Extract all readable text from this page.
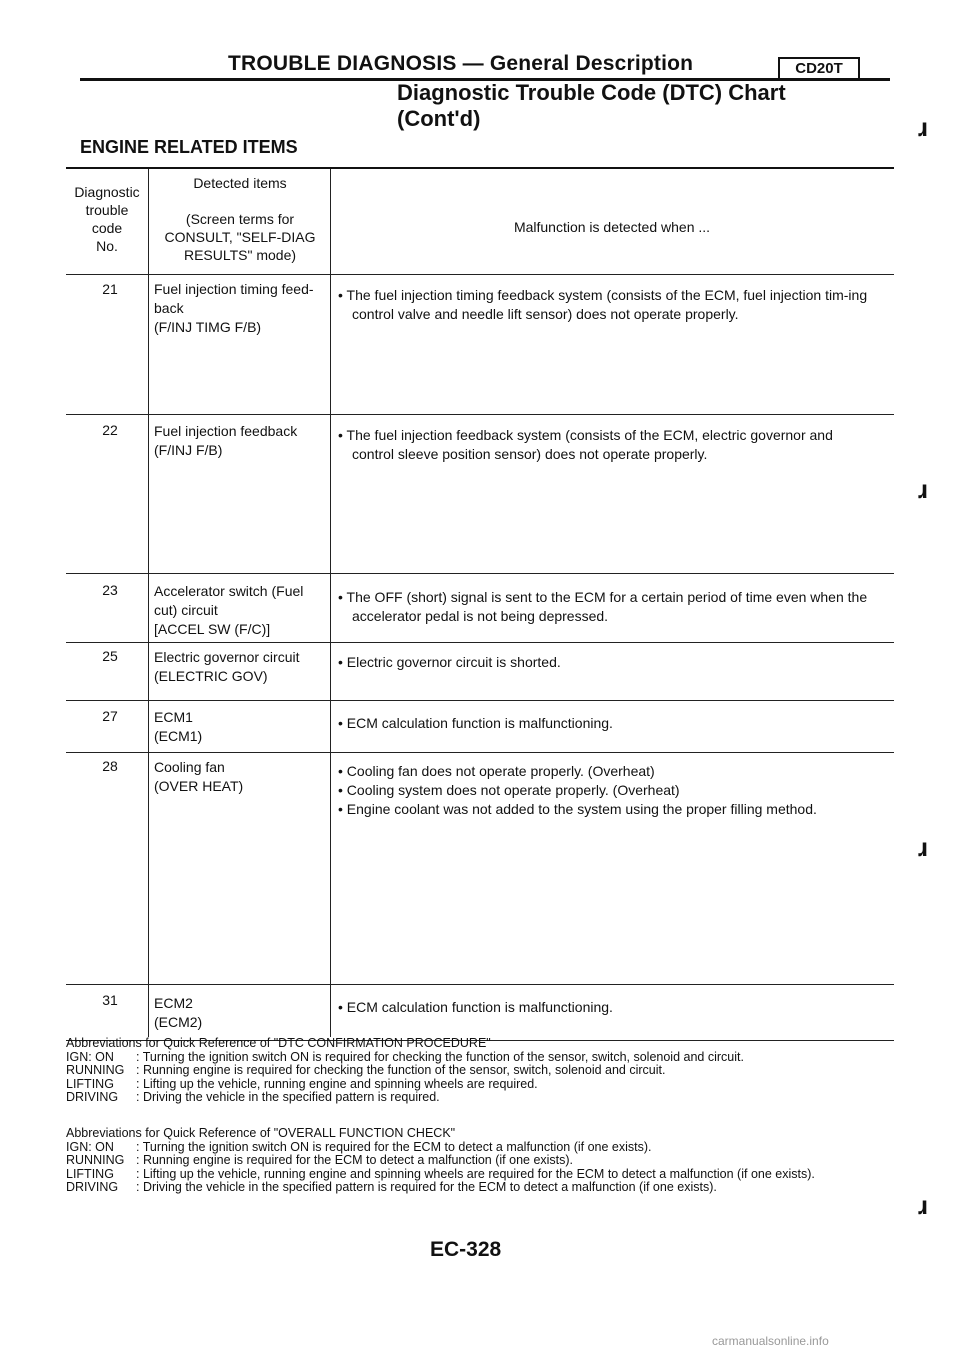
TROUBLE DIAGNOSIS — General Description	CD20T
Diagnostic Trouble Code (DTC) Chart
(Cont'd)	ɹ
ENGINE RELATED ITEMS
Diagnostic
trouble
code
No.
Detected items
(Screen terms for
CONSULT, "SELF-DIAG
RESULTS" mode)
Malfunction is detected when ...
21	Fuel injection timing feed-
back
(F/INJ TIMG F/B)
• The fuel injection timing feedback system (consists of the ECM, fuel injection tim-ing control valve and needle lift sensor) does not operate properly.
22	Fuel injection feedback
(F/INJ F/B)
• The fuel injection feedback system (consists of the ECM, electric governor and control sleeve position sensor) does not operate properly.
ɹ
23	Accelerator switch (Fuel
cut) circuit
[ACCEL SW (F/C)]
• The OFF (short) signal is sent to the ECM for a certain period of time even when the accelerator pedal is not being depressed.
25	Electric governor circuit
(ELECTRIC GOV)
• Electric governor circuit is shorted.
27	ECM1
(ECM1)
• ECM calculation function is malfunctioning.
28	Cooling fan
(OVER HEAT)
• Cooling fan does not operate properly. (Overheat)
• Cooling system does not operate properly. (Overheat)
• Engine coolant was not added to the system using the proper filling method.
ɹ
31	ECM2
(ECM2)
• ECM calculation function is malfunctioning.
Abbreviations for Quick Reference of "DTC CONFIRMATION PROCEDURE"
IGN: ON	: Turning the ignition switch ON is required for checking the function of the sensor, switch, solenoid and circuit.
RUNNING : Running engine is required for checking the function of the sensor, switch, solenoid and circuit.
LIFTING	: Lifting up the vehicle, running engine and spinning wheels are required.
DRIVING	: Driving the vehicle in the specified pattern is required.
Abbreviations for Quick Reference of "OVERALL FUNCTION CHECK"
IGN: ON	: Turning the ignition switch ON is required for the ECM to detect a malfunction (if one exists).
RUNNING : Running engine is required for the ECM to detect a malfunction (if one exists).
LIFTING	: Lifting up the vehicle, running engine and spinning wheels are required for the ECM to detect a malfunction (if one exists).
DRIVING	: Driving the vehicle in the specified pattern is required for the ECM to detect a malfunction (if one exists).
ɹ
EC-328
carmanualsonline.info
